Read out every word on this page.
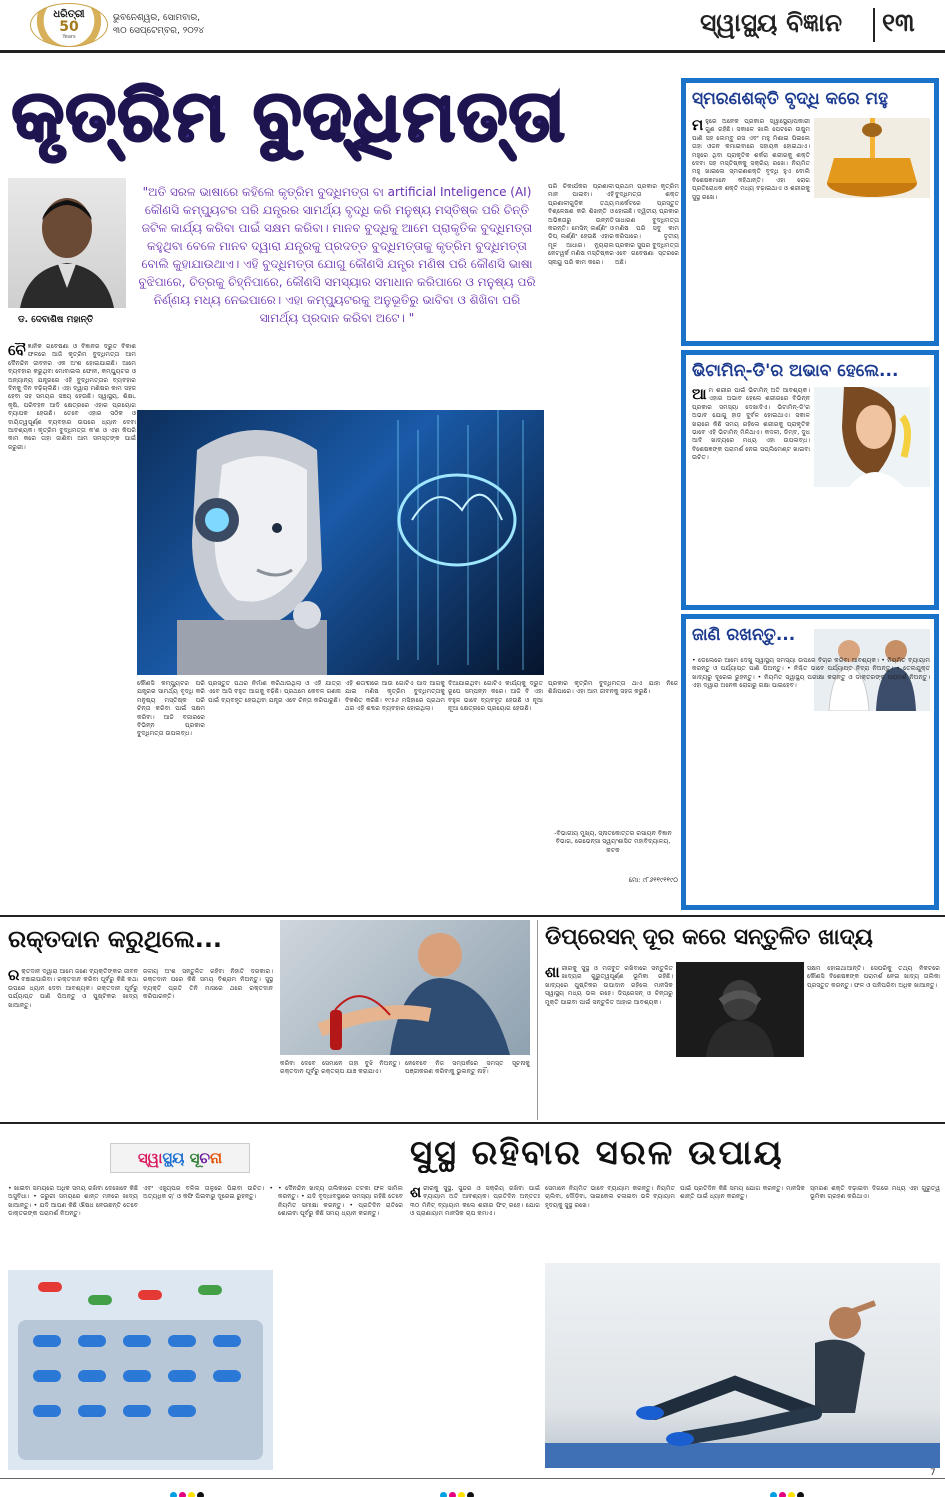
ଧରିତ୍ରୀ
50
Years
ଭୁବନେଶ୍ୱର, ସୋମବାର,
୩୦ ସେପ୍ଟେମ୍ବର, ୨୦୨୪	ସ୍ୱାସ୍ଥ୍ୟ ବିଜ୍ଞାନ ୧୩
କୃତ୍ରିମ ବୁଦ୍ଧିମତ୍ତା
ଡ. ଦେବାଶିଷ ମହାନ୍ତି
"ଅତି ସରଳ ଭାଷାରେ କହିଲେ କୃତ୍ରିମ ବୁଦ୍ଧିମତ୍ତା ବା artificial Inteligence (AI) କୌଣସି କମ୍ପ୍ୟୁଟର ପରି ଯନ୍ତ୍ରର ସାମର୍ଥ୍ୟ ବୃଦ୍ଧି କରି ମନୁଷ୍ୟ ମସ୍ତିଷ୍କ ପରି ଚିନ୍ତି ଜଟିଳ କାର୍ଯ୍ୟ କରିବା ପାଇଁ ସକ୍ଷମ କରିବା। ମାନବ ବୁଦ୍ଧିକୁ ଆମେ ପ୍ରାକୃତିକ ବୁଦ୍ଧିମତ୍ତା କହୁଥିବା ବେଳେ ମାନବ ଦ୍ୱାରା ଯନ୍ତ୍ରକୁ ପ୍ରଦତ୍ତ ବୁଦ୍ଧିମତ୍ତାକୁ କୃତ୍ରିମ ବୁଦ୍ଧିମତ୍ତା ବୋଲି କୁହାଯାଉଥାଏ। ଏହି ବୁଦ୍ଧିମତ୍ତା ଯୋଗୁ କୌଣସି ଯନ୍ତ୍ର ମଣିଷ ପରି କୌଣସି ଭାଷା ବୁଝିପାରେ, ଚିତ୍ରକୁ ଚିହ୍ନିପାରେ, କୌଣସି ସମସ୍ୟାର ସମାଧାନ କରିପାରେ ଓ ମନୁଷ୍ୟ ପରି ନିର୍ଣ୍ଣୟ ମଧ୍ୟ ନେଇପାରେ। ଏହା କମ୍ପ୍ୟୁଟରକୁ ଅନୁଭୂତିରୁ ଭାବିବା ଓ ଶିଖିବା ପରି ସାମର୍ଥ୍ୟ ପ୍ରଦାନ କରିବା ଅଟେ। "
ପରି ଚିକାର୍ଯକର ପ୍ରଣାଳୀ ମାନ ପାଇବା। ଏହି ପ୍ରଣାଳୀଗୁଡ଼ିକ ତଥ୍ୟ ବିଶ୍ଳେଷଣ କରି ଶିଖନ୍ତି ଓ ଅଭିଜ୍ଞତାରୁ ଉନ୍ନତି କରନ୍ତି। ମେସିନ୍ ଲର୍ଣ୍ଣିଂ ଓ ଡିପ୍ ଲର୍ଣ୍ଣିଂ ହେଉଛି ଏହାର ମୂଳ ଆଧାର। ନ୍ୟୁରାଲ ନେଟୱର୍କ ମଣିଷ ମସ୍ତିଷ୍କର ସ୍ନାୟୁ ପରି କାମ କରେ।
ପ୍ରଥମ ପ୍ରକାର କୃତ୍ରିମ ବୁଦ୍ଧିମତ୍ତା ଶକ୍ତ ମାର୍କେଟରେ ପ୍ରସ୍ତୁତ ହୋଇଛି। ଦ୍ୱିତୀୟ ପ୍ରକାର ସାଧାରଣ ବୁଦ୍ଧିମତ୍ତା ମଣିଷ ପରି ସବୁ କାମ କରିପାରେ। ତୃତୀୟ ପ୍ରକାର ସୁପର ବୁଦ୍ଧିମତ୍ତା ଏବେ ଗବେଷଣା ସ୍ତରରେ ଅଛି।
ବୈ ଜ୍ଞାନିକ ଗବେଷଣା ଓ ବିଜ୍ଞାନର ଦ୍ରୁତ ବିକାଶ ଫଳରେ ଆଜି କୃତ୍ରିମ ବୁଦ୍ଧିମତ୍ତା ଆମ ଦୈନନ୍ଦିନ ଜୀବନର ଏକ ଅଂଶ ହୋଇଯାଇଛି। ଆମେ ବ୍ୟବହାର କରୁଥିବା ମୋବାଇଲ ଫୋନ, କମ୍ପ୍ୟୁଟର ଓ ଅନ୍ୟାନ୍ୟ ଯନ୍ତ୍ରରେ ଏହି ବୁଦ୍ଧିମତ୍ତାର ବ୍ୟବହାର ଦିନକୁ ଦିନ ବଢ଼ିଚାଲିଛି। ଏହା ଦ୍ୱାରା ମଣିଷର କାମ ସହଜ ହେବା ସହ ସମୟର ସଞ୍ଚୟ ହେଉଛି। ସ୍ୱାସ୍ଥ୍ୟ, ଶିକ୍ଷା, କୃଷି, ପରିବହନ ଆଦି କ୍ଷେତ୍ରରେ ଏହାର ପ୍ରୟୋଗ ବ୍ୟାପକ ହେଉଛି। ତେବେ ଏହାର ସଠିକ ଓ ଦାୟିତ୍ୱପୂର୍ଣ୍ଣ ବ୍ୟବହାର ଉପରେ ଧ୍ୟାନ ଦେବା ଆବଶ୍ୟକ। କୃତ୍ରିମ ବୁଦ୍ଧିମତ୍ତା କ'ଣ ଓ ଏହା କିପରି କାମ କରେ ତାହା ଜାଣିବା ଆମ ସମସ୍ତଙ୍କ ପାଇଁ ଜରୁରୀ।
କୌଣସି କମ୍ପ୍ୟୁଟର ପରି ଯନ୍ତ୍ରର ସାମର୍ଥ୍ୟ ବୃଦ୍ଧି କରି ମନୁଷ୍ୟ ମସ୍ତିଷ୍କ ପରି ଚିନ୍ତା କରିବା ପାଇଁ ସକ୍ଷମ କରିବା। ଆଜି ବଜାରରେ ବିଭିନ୍ନ ପ୍ରକାର ବୁଦ୍ଧିମତ୍ତା ଉପଲବ୍ଧ।
ପ୍ରସ୍ତୁତ ପଥର ନିର୍ମାଣ କରିଥାଉଥିଲା ଓ ଏହି ଯାତ୍ରା ଏବେ ଆସି ବହୁତ ଆଗକୁ ବଢ଼ିଛି। ପ୍ରଥମେ କେବଳ ଗଣନା ପାଇଁ ବ୍ୟବହୃତ ହେଉଥିବା ଯନ୍ତ୍ର ଏବେ ଚିନ୍ତା କରିପାରୁଛି।
ଏହି ଶତାବ୍ଦୀରେ ଆଉ ଗୋଟିଏ ପାଦ ଆଗକୁ ଯାଇ ମଣିଷ କୃତ୍ରିମ ବୁଦ୍ଧିମତ୍ତାକୁ ବିକଶିତ କରିଛି। ୧୯୫୬ ମସିହାରେ ପ୍ରଥମ ଥର ଏହି ଶବ୍ଦର ବ୍ୟବହାର ହୋଇଥିଲା।
ଦିଆଯାଇଥିବା ଗୋଟିଏ କାର୍ଯ୍ୟକୁ ଦ୍ରୁତ ରୂପେ ସମ୍ପନ୍ନ କରେ। ଆଜି ବି ଏହା ବହୁଳ ଭାବେ ବ୍ୟବହୃତ ହେଉଛି ଓ ନୂଆ ନୂଆ କ୍ଷେତ୍ରରେ ପ୍ରୟୋଗ ହେଉଛି।
ପ୍ରକାର କୃତ୍ରିମ ବୁଦ୍ଧିମତ୍ତା ଥାଏ ଯାହା ନିଜେ ଶିଖିପାରେ। ଏହା ଆମ ଜୀବନକୁ ସହଜ କରୁଛି।
-ବିଭାଗୀୟ ମୁଖ୍ୟ, ସ୍ନାତକୋତ୍ତର ରସାୟନ ବିଜ୍ଞାନ ବିଭାଗ, ରେଭେନ୍ସା ସ୍ୱୟଂଶାସିତ ମହାବିଦ୍ୟାଳୟ, କଟକ
ମୋ: ୯୮୬୧୧୯୧୧୯୦
ସ୍ମରଣଶକ୍ତି ବୃଦ୍ଧି କରେ ମହୁ
ମ ହୁରେ ଅନେକ ପ୍ରକାର ସ୍ୱାସ୍ଥ୍ୟୋପକାରୀ ଗୁଣ ରହିଛି। ସକାଳେ ଖାଲି ପେଟରେ ଉଷୁମ ପାଣି ସହ ଲେମ୍ବୁ ରସ ଏବଂ ମହୁ ମିଶାଇ ପିଇଲେ ତାହା ଓଜନ କମାଇବାରେ ସହାୟକ ହୋଇଥାଏ। ମହୁରେ ଥିବା ପ୍ରାକୃତିକ ଶର୍କରା ଶରୀରକୁ ଶକ୍ତି ଦେବା ସହ ମସ୍ତିଷ୍କକୁ ସକ୍ରିୟ ରଖେ। ନିୟମିତ ମହୁ ଖାଇଲେ ସ୍ମରଣଶକ୍ତି ବୃଦ୍ଧି ହୁଏ ବୋଲି ବିଶେଷଜ୍ଞମାନେ କହିଥାନ୍ତି। ଏହା ରୋଗ ପ୍ରତିରୋଧକ ଶକ୍ତି ମଧ୍ୟ ବଢ଼ାଇଥାଏ ଓ ଶରୀରକୁ ସୁସ୍ଥ ରଖେ।
ଭିଟାମିନ୍-ଡି'ର ଅଭାବ ହେଲେ...
ଆ ମ ଶରୀର ପାଇଁ ଭିଟାମିନ୍ ଅତି ଆବଶ୍ୟକ। ଏହାର ଅଭାବ ହେଲେ ଶରୀରରେ ବିଭିନ୍ନ ପ୍ରକାର ସମସ୍ୟା ଦେଖାଦିଏ। ଭିଟାମିନ୍-ଡି'ର ଅଭାବ ଯୋଗୁ ହାଡ଼ ଦୁର୍ବଳ ହୋଇଥାଏ। ସକାଳ ଖରାରେ କିଛି ସମୟ ରହିଲେ ଶରୀରକୁ ପ୍ରାକୃତିକ ଭାବେ ଏହି ଭିଟାମିନ୍ ମିଳିଥାଏ। କଦଳୀ, ଡିମ୍ବ, ଦୁଧ ଆଦି ଖାଦ୍ୟରେ ମଧ୍ୟ ଏହା ଉପଲବ୍ଧ। ବିଶେଷଜ୍ଞଙ୍କ ପରାମର୍ଶ ନେଇ ସପ୍ଲିମେଣ୍ଟ ଖାଇବା ଉଚିତ।
ଜାଣି ରଖନ୍ତୁ...
• ଡେଲେରେ ଆମେ ଦେଖୁ ସ୍ୱାସ୍ଥ୍ୟ ସମସ୍ୟା ଉପରେ ବିଚାର କରିବା ଆବଶ୍ୟକ। • ନିୟମିତ ବ୍ୟାୟାମ କରନ୍ତୁ ଓ ପର୍ଯ୍ୟାପ୍ତ ପାଣି ପିଅନ୍ତୁ। • ନିଶ୍ଚିତ ଭାବେ ପର୍ଯ୍ୟାପ୍ତ ନିଦ୍ରା ନିଅନ୍ତୁ। • ତେଲଯୁକ୍ତ ଖାଦ୍ୟରୁ ଦୂରେଇ ରୁହନ୍ତୁ। • ନିୟମିତ ସ୍ୱାସ୍ଥ୍ୟ ପରୀକ୍ଷା କରାନ୍ତୁ ଓ ଡାକ୍ତରଙ୍କ ପରାମର୍ଶ ନିଅନ୍ତୁ। ଏହା ଦ୍ୱାରା ଅନେକ ରୋଗରୁ ରକ୍ଷା ପାଇହେବ।
ରକ୍ତଦାନ କରୁଥିଲେ...
ର କ୍ତଦାନ ଦ୍ୱାରା ଆମେ ଜଣେ ବ୍ୟକ୍ତିଙ୍କର ଜୀବନ ବଞ୍ଚାଇପାରିବା। ରକ୍ତଦାନ କରିବା ପୂର୍ବରୁ କିଛି କଥା ଉପରେ ଧ୍ୟାନ ଦେବା ଆବଶ୍ୟକ। ରକ୍ତଦାନ ପୂର୍ବରୁ ପର୍ଯ୍ୟାପ୍ତ ପାଣି ପିଅନ୍ତୁ ଓ ପୁଷ୍ଟିକର ଖାଦ୍ୟ ଖାଆନ୍ତୁ।
ଜଳୀୟ ଅଂଶ ସନ୍ତୁଳିତ ରହିବା ନିହାତି ଦରକାର। ରକ୍ତଦାନ ପରେ କିଛି ସମୟ ବିଶ୍ରାମ ନିଅନ୍ତୁ। ସୁସ୍ଥ ବ୍ୟକ୍ତି ପ୍ରତି ତିନି ମାସରେ ଥରେ ରକ୍ତଦାନ କରିପାରନ୍ତି।
କରିବା ଦେବେ ସେମାନେ ତାହା ବୁଝି ନିଅନ୍ତୁ। ରକ୍ତଦାନ ପୂର୍ବରୁ ରକ୍ତଚାପ ଯାଞ୍ଚ କରାଯାଏ।
ନେବେବେ ନିଜ ସମ୍ପର୍କରେ ସମସ୍ତ ସୂଚନାକୁ ପଞ୍ଜୀକରଣ କରିବାକୁ ଭୁଲନ୍ତୁ ନାହିଁ।
ଡିପ୍ରେସନ୍ ଦୂର କରେ ସନ୍ତୁଳିତ ଖାଦ୍ୟ
ଶା ରୀରକୁ ସୁସ୍ଥ ଓ ମଜବୁତ ରଖିବାରେ ସନ୍ତୁଳିତ ଖାଦ୍ୟର ଗୁରୁତ୍ୱପୂର୍ଣ୍ଣ ଭୂମିକା ରହିଛି। ଖାଦ୍ୟରେ ପୁଷ୍ଟିକର ଉପାଦାନ ରହିଲେ ମାନସିକ ସ୍ୱାସ୍ଥ୍ୟ ମଧ୍ୟ ଭଲ ରହେ। ଡିପ୍ରେସନ୍ ଓ ଚିନ୍ତାରୁ ମୁକ୍ତି ପାଇବା ପାଇଁ ସନ୍ତୁଳିତ ଆହାର ଆବଶ୍ୟକ।
ସକ୍ଷମ ହୋଇଥାଆନ୍ତି। ସେପରିକୁ ତଥ୍ୟ ନିକଟରେ କୌଣସି ବିଶେଷଜ୍ଞଙ୍କ ପରାମର୍ଶ ନେଇ ଖାଦ୍ୟ ତାଲିକା ପ୍ରସ୍ତୁତ କରନ୍ତୁ। ଫଳ ଓ ପନିପରିବା ଅଧିକ ଖାଆନ୍ତୁ।
ସ୍ୱାସ୍ଥ୍ୟ ସୂଚନା
• ଖାଇବା ସମୟରେ ଅଧିକ ସମୟ ରଖିବା ଦେଖେବେ କିଛି ଅସୁବିଧା। • ଜରୁରୀ ସମୟରେ ଶାନ୍ତ ମନରେ ଖାଦ୍ୟ ଖାଆନ୍ତୁ। • ଯଦି ଆପଣ କିଛି ଔଷଧ ନେଉଛନ୍ତି ତେବେ ଡାକ୍ତରଙ୍କ ପରାମର୍ଶ ନିଅନ୍ତୁ।
ଏବଂ ଏହ୍ୟୁପର ବଳିଲ ତାଳୁରେ ପିଇବା ଉଚିତ। • ଅତ୍ୟଧିକ ଚା' ଓ କଫି ପିଇବାରୁ ଦୂରେଇ ରୁହନ୍ତୁ।
• ଦୈନନ୍ଦିନ ଖାଦ୍ୟ ତାଲିକାରେ ତଟକା ଫଳ ସାମିଲ କରନ୍ତୁ। • ଯଦି ବୃଦ୍ଧାବସ୍ଥାରେ ସମସ୍ୟା ରହିଛି ତେବେ ନିୟମିତ ସମୀକ୍ଷା କରନ୍ତୁ। • ପ୍ରତିଦିନ ରାତିରେ ଶୋଇବା ପୂର୍ବରୁ କିଛି ସମୟ ଧ୍ୟାନ କରନ୍ତୁ।
ସୁସ୍ଥ ରହିବାର ସରଳ ଉପାୟ
ଶ ରୀରକୁ ସୁସ୍ଥ, ସୁନ୍ଦର ଓ ସକ୍ରିୟ ରଖିବା ପାଇଁ ବ୍ୟାୟାମ ଅତି ଆବଶ୍ୟକ। ପ୍ରତିଦିନ ଅନ୍ତତଃ ୩୦ ମିନିଟ୍ ବ୍ୟାୟାମ କଲେ ଶରୀର ଫିଟ୍ ରହେ। ଯୋଗ ଓ ପ୍ରାଣାୟାମ ମାନସିକ ଚାପ କମାଏ।
ସେମାନେ ନିୟମିତ ଭାବେ ବ୍ୟାୟାମ କରନ୍ତୁ। ନିୟମିତ ଚାଲିବା, ଦୌଡ଼ିବା, ସାଇକେଲ ଚଳାଇବା ଭଳି ବ୍ୟାୟାମ ହୃଦୟକୁ ସୁସ୍ଥ ରଖେ।
ପାଇଁ ପ୍ରତିଦିନ କିଛି ସମୟ ଯୋଗ କରନ୍ତୁ। ମାନସିକ ଶାନ୍ତି ପାଇଁ ଧ୍ୟାନ କରନ୍ତୁ।
ସ୍ମରଣ ଶକ୍ତି ବଢ଼ାଇବା ଦିଗରେ ମଧ୍ୟ ଏହା ଗୁରୁତ୍ୱ ଭୂମିକା ଗ୍ରହଣ କରିଥାଏ।
7
